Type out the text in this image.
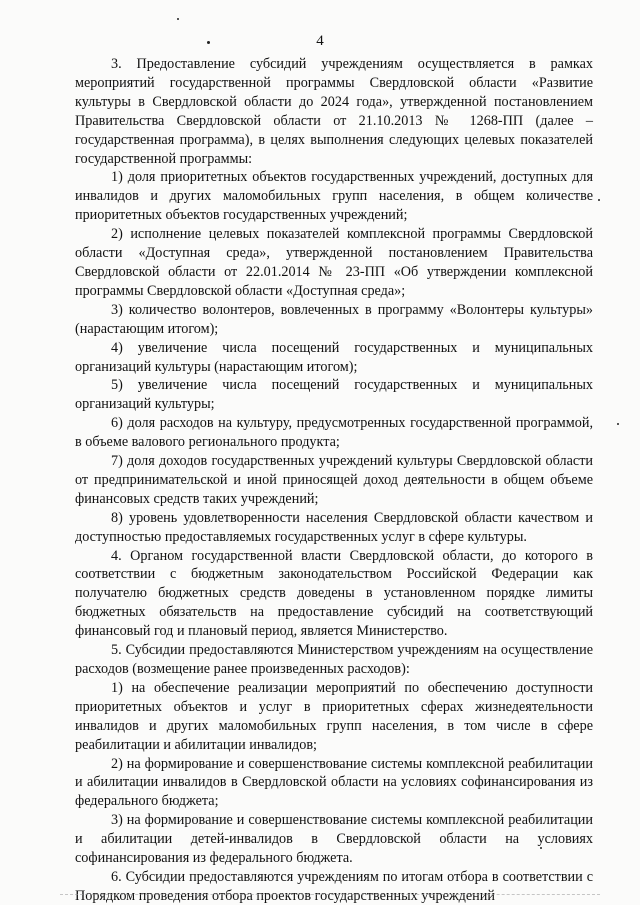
4

3. Предоставление субсидий учреждениям осуществляется в рамках мероприятий государственной программы Свердловской области «Развитие культуры в Свердловской области до 2024 года», утвержденной постановлением Правительства Свердловской области от 21.10.2013 № 1268-ПП (далее – государственная программа), в целях выполнения следующих целевых показателей государственной программы:

1) доля приоритетных объектов государственных учреждений, доступных для инвалидов и других маломобильных групп населения, в общем количестве приоритетных объектов государственных учреждений;

2) исполнение целевых показателей комплексной программы Свердловской области «Доступная среда», утвержденной постановлением Правительства Свердловской области от 22.01.2014 № 23-ПП «Об утверждении комплексной программы Свердловской области «Доступная среда»;

3) количество волонтеров, вовлеченных в программу «Волонтеры культуры» (нарастающим итогом);

4) увеличение числа посещений государственных и муниципальных организаций культуры (нарастающим итогом);

5) увеличение числа посещений государственных и муниципальных организаций культуры;

6) доля расходов на культуру, предусмотренных государственной программой, в объеме валового регионального продукта;

7) доля доходов государственных учреждений культуры Свердловской области от предпринимательской и иной приносящей доход деятельности в общем объеме финансовых средств таких учреждений;

8) уровень удовлетворенности населения Свердловской области качеством и доступностью предоставляемых государственных услуг в сфере культуры.

4. Органом государственной власти Свердловской области, до которого в соответствии с бюджетным законодательством Российской Федерации как получателю бюджетных средств доведены в установленном порядке лимиты бюджетных обязательств на предоставление субсидий на соответствующий финансовый год и плановый период, является Министерство.

5. Субсидии предоставляются Министерством учреждениям на осуществление расходов (возмещение ранее произведенных расходов):

1) на обеспечение реализации мероприятий по обеспечению доступности приоритетных объектов и услуг в приоритетных сферах жизнедеятельности инвалидов и других маломобильных групп населения, в том числе в сфере реабилитации и абилитации инвалидов;

2) на формирование и совершенствование системы комплексной реабилитации и абилитации инвалидов в Свердловской области на условиях софинансирования из федерального бюджета;

3) на формирование и совершенствование системы комплексной реабилитации и абилитации детей-инвалидов в Свердловской области на условиях софинансирования из федерального бюджета.

6. Субсидии предоставляются учреждениям по итогам отбора в соответствии с Порядком проведения отбора проектов государственных учреждений
